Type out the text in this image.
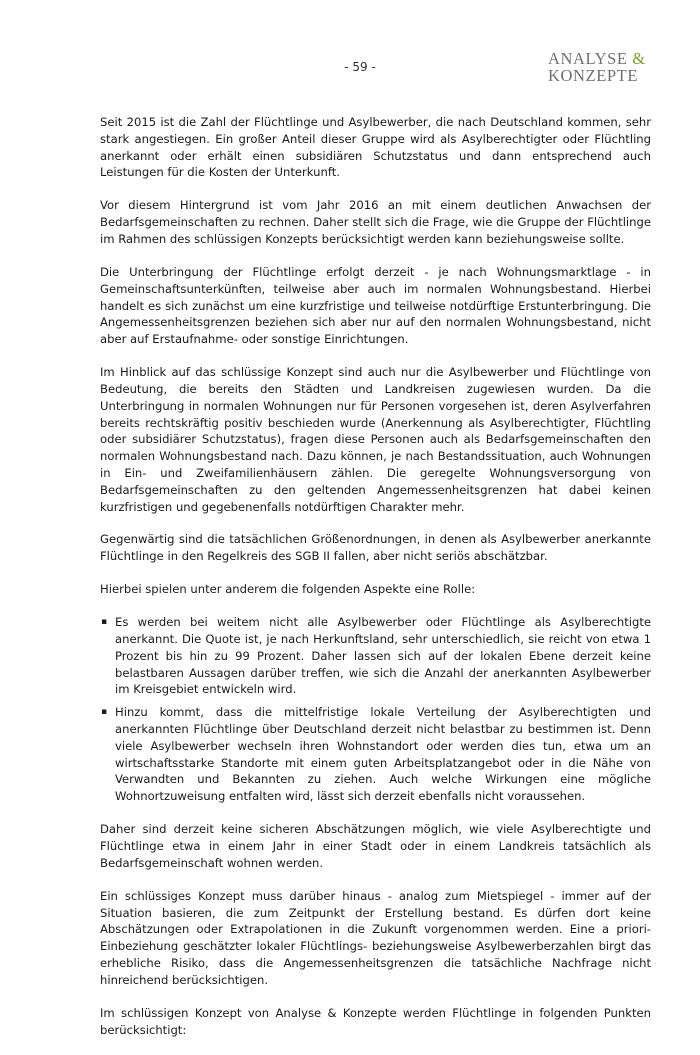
- 59 -	ANALYSE &
KONZEPTE

Seit 2015 ist die Zahl der Flüchtlinge und Asylbewerber, die nach Deutschland kommen, sehr stark angestiegen. Ein großer Anteil dieser Gruppe wird als Asylberechtigter oder Flüchtling anerkannt oder erhält einen subsidiären Schutzstatus und dann entsprechend auch Leistungen für die Kosten der Unterkunft.

Vor diesem Hintergrund ist vom Jahr 2016 an mit einem deutlichen Anwachsen der Bedarfsgemeinschaften zu rechnen. Daher stellt sich die Frage, wie die Gruppe der Flüchtlinge im Rahmen des schlüssigen Konzepts berücksichtigt werden kann beziehungsweise sollte.

Die Unterbringung der Flüchtlinge erfolgt derzeit - je nach Wohnungsmarktlage - in Gemeinschaftsunterkünften, teilweise aber auch im normalen Wohnungsbestand. Hierbei handelt es sich zunächst um eine kurzfristige und teilweise notdürftige Erstunterbringung. Die Angemessenheitsgrenzen beziehen sich aber nur auf den normalen Wohnungsbestand, nicht aber auf Erstaufnahme- oder sonstige Einrichtungen.

Im Hinblick auf das schlüssige Konzept sind auch nur die Asylbewerber und Flüchtlinge von Bedeutung, die bereits den Städten und Landkreisen zugewiesen wurden. Da die Unterbringung in normalen Wohnungen nur für Personen vorgesehen ist, deren Asylverfahren bereits rechtskräftig positiv beschieden wurde (Anerkennung als Asylberechtigter, Flüchtling oder subsidiärer Schutzstatus), fragen diese Personen auch als Bedarfsgemeinschaften den normalen Wohnungsbestand nach. Dazu können, je nach Bestandssituation, auch Wohnungen in Ein- und Zweifamilienhäusern zählen. Die geregelte Wohnungsversorgung von Bedarfsgemeinschaften zu den geltenden Angemessenheitsgrenzen hat dabei keinen kurzfristigen und gegebenenfalls notdürftigen Charakter mehr.

Gegenwärtig sind die tatsächlichen Größenordnungen, in denen als Asylbewerber anerkannte Flüchtlinge in den Regelkreis des SGB II fallen, aber nicht seriös abschätzbar.

Hierbei spielen unter anderem die folgenden Aspekte eine Rolle:

▪ Es werden bei weitem nicht alle Asylbewerber oder Flüchtlinge als Asylberechtigte anerkannt. Die Quote ist, je nach Herkunftsland, sehr unterschiedlich, sie reicht von etwa 1 Prozent bis hin zu 99 Prozent. Daher lassen sich auf der lokalen Ebene derzeit keine belastbaren Aussagen darüber treffen, wie sich die Anzahl der anerkannten Asylbewerber im Kreisgebiet entwickeln wird.
▪ Hinzu kommt, dass die mittelfristige lokale Verteilung der Asylberechtigten und anerkannten Flüchtlinge über Deutschland derzeit nicht belastbar zu bestimmen ist. Denn viele Asylbewerber wechseln ihren Wohnstandort oder werden dies tun, etwa um an wirtschaftsstarke Standorte mit einem guten Arbeitsplatzangebot oder in die Nähe von Verwandten und Bekannten zu ziehen. Auch welche Wirkungen eine mögliche Wohnortzuweisung entfalten wird, lässt sich derzeit ebenfalls nicht voraussehen.

Daher sind derzeit keine sicheren Abschätzungen möglich, wie viele Asylberechtigte und Flüchtlinge etwa in einem Jahr in einer Stadt oder in einem Landkreis tatsächlich als Bedarfsgemeinschaft wohnen werden.

Ein schlüssiges Konzept muss darüber hinaus - analog zum Mietspiegel - immer auf der Situation basieren, die zum Zeitpunkt der Erstellung bestand. Es dürfen dort keine Abschätzungen oder Extrapolationen in die Zukunft vorgenommen werden. Eine a priori-Einbeziehung geschätzter lokaler Flüchtlings- beziehungsweise Asylbewerberzahlen birgt das erhebliche Risiko, dass die Angemessenheitsgrenzen die tatsächliche Nachfrage nicht hinreichend berücksichtigen.

Im schlüssigen Konzept von Analyse & Konzepte werden Flüchtlinge in folgenden Punkten berücksichtigt:
